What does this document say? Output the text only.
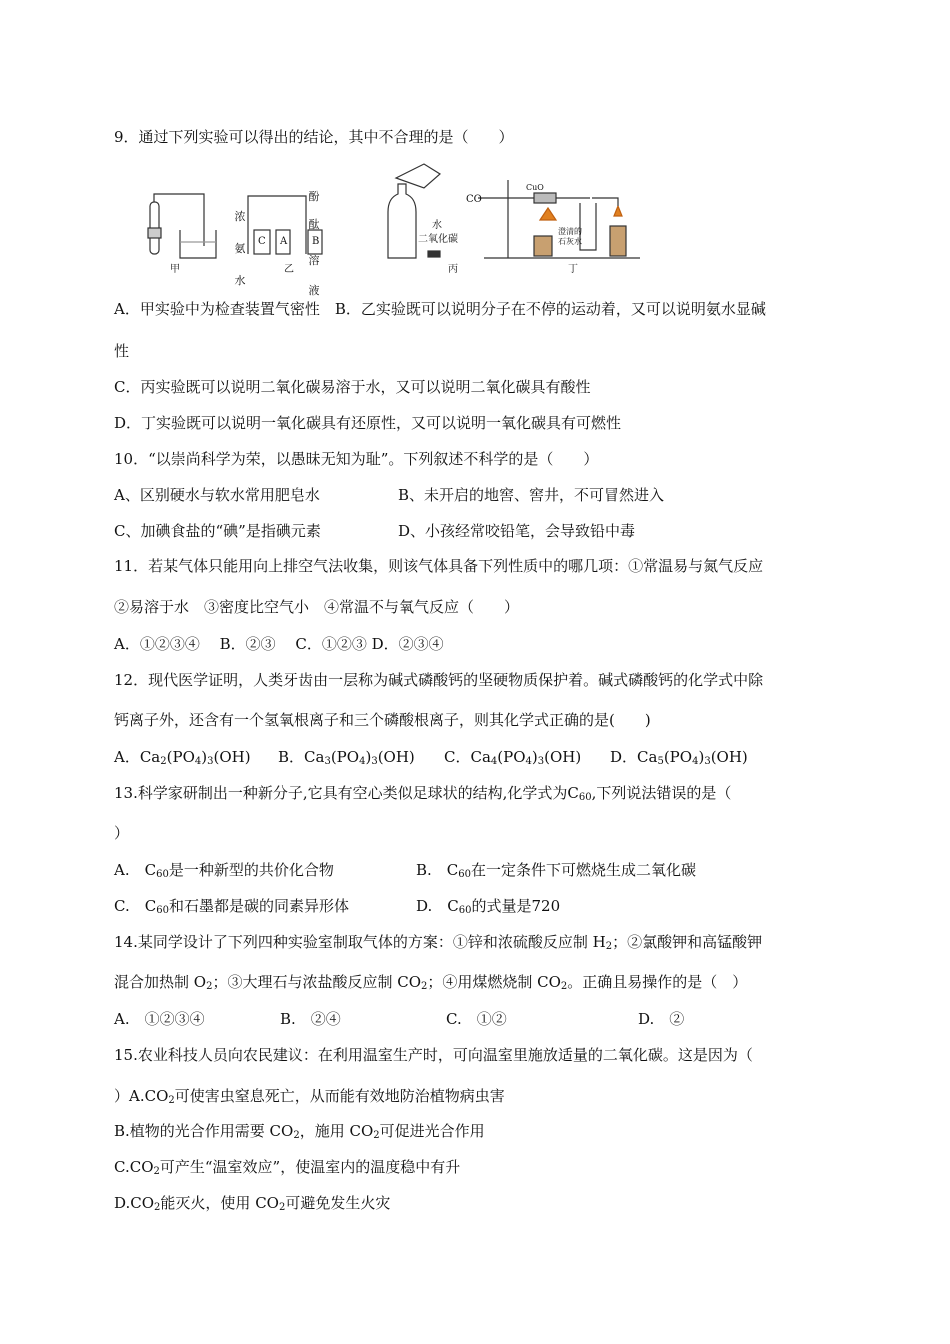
9．通过下列实验可以得出的结论，其中不合理的是（　　）
甲
浓
氨
水
酚
酞
溶
液
C A B
乙
水
二氧化碳
丙
CO
CuO
澄清的
石灰水
丁
A．甲实验中为检查装置气密性　B．乙实验既可以说明分子在不停的运动着，又可以说明氨水显碱
性
C．丙实验既可以说明二氧化碳易溶于水，又可以说明二氧化碳具有酸性
D．丁实验既可以说明一氧化碳具有还原性，又可以说明一氧化碳具有可燃性
10．“以崇尚科学为荣，以愚昧无知为耻”。下列叙述不科学的是（　　）
A、区别硬水与软水常用肥皂水	B、未开启的地窖、窖井，不可冒然进入
C、加碘食盐的“碘”是指碘元素	D、小孩经常咬铅笔，会导致铅中毒
11．若某气体只能用向上排空气法收集，则该气体具备下列性质中的哪几项：①常温易与氮气反应
②易溶于水　③密度比空气小　④常温不与氧气反应（　　）
A．①②③④　 B．②③　 C．①②③ D．②③④
12．现代医学证明，人类牙齿由一层称为碱式磷酸钙的坚硬物质保护着。碱式磷酸钙的化学式中除
钙离子外，还含有一个氢氧根离子和三个磷酸根离子，则其化学式正确的是(　　)
A．$Ca_2(PO_4)_3(OH)$ B．$Ca_3(PO_4)_3(OH)$ C．$Ca_4(PO_4)_3(OH)$ D．$Ca_5(PO_4)_3(OH)$
13.科学家研制出一种新分子,它具有空心类似足球状的结构,化学式为$C_{60}$,下列说法错误的是（
）
A.　$C_{60}$是一种新型的共价化合物	B.　$C_{60}$在一定条件下可燃烧生成二氧化碳
C.　$C_{60}$和石墨都是碳的同素异形体	D.　$C_{60}$的式量是720
14.某同学设计了下列四种实验室制取气体的方案：①锌和浓硫酸反应制 $H_2$；②氯酸钾和高锰酸钾
混合加热制 $O_2$；③大理石与浓盐酸反应制 $CO_2$；④用煤燃烧制 $CO_2$。正确且易操作的是（　）
A.　①②③④	B.　②④	C.　①②	D.　②
15.农业科技人员向农民建议：在利用温室生产时，可向温室里施放适量的二氧化碳。这是因为（
）$A.CO_2$可使害虫窒息死亡，从而能有效地防治植物病虫害
B.植物的光合作用需要 $CO_2$，施用 $CO_2$可促进光合作用
$C.CO_2$可产生“温室效应”，使温室内的温度稳中有升
$D.CO_2$能灭火，使用 $CO_2$可避免发生火灾
